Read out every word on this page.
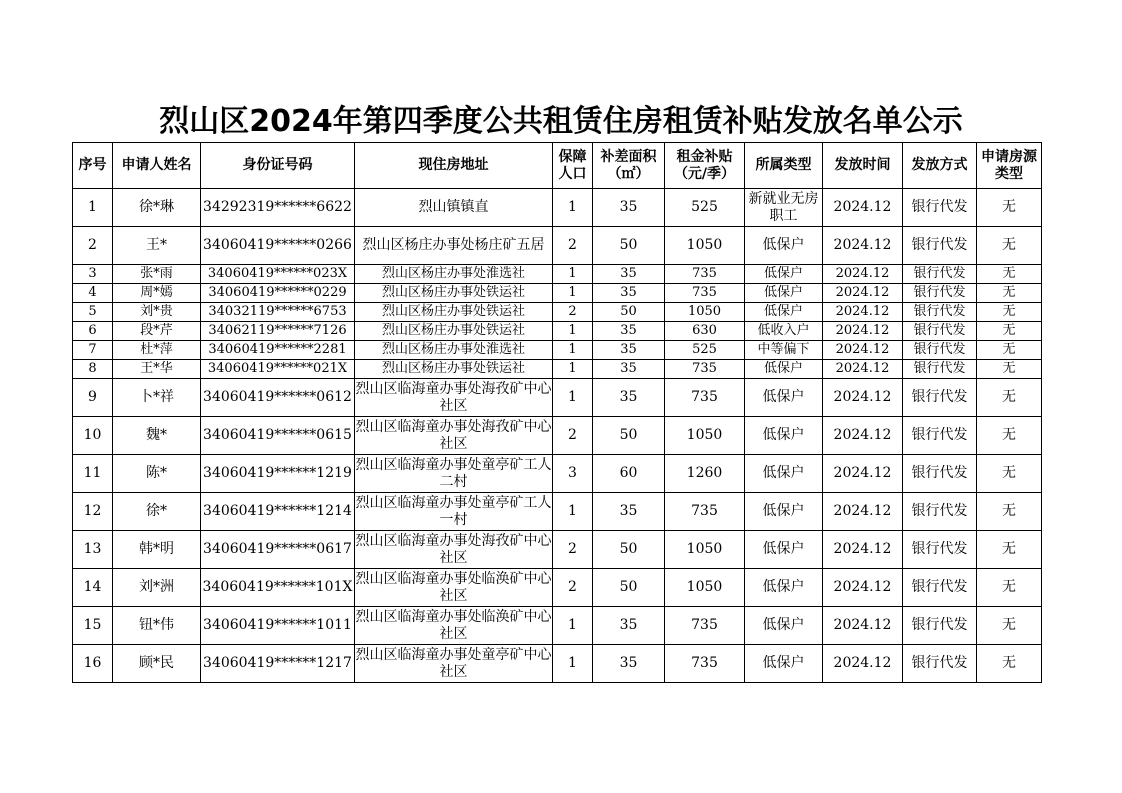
烈山区2024年第四季度公共租赁住房租赁补贴发放名单公示
序号	申请人姓名	身份证号码	现住房地址	保障人口	补差面积（㎡）	租金补贴（元/季）	所属类型	发放时间	发放方式	申请房源类型
1	徐*琳	34292319******6622	烈山镇镇直	1	35	525	新就业无房职工	2024.12	银行代发	无
2	王*	34060419******0266	烈山区杨庄办事处杨庄矿五居	2	50	1050	低保户	2024.12	银行代发	无
3	张*雨	34060419******023X	烈山区杨庄办事处淮选社	1	35	735	低保户	2024.12	银行代发	无
4	周*嫣	34060419******0229	烈山区杨庄办事处铁运社	1	35	735	低保户	2024.12	银行代发	无
5	刘*贵	34032119******6753	烈山区杨庄办事处铁运社	2	50	1050	低保户	2024.12	银行代发	无
6	段*芹	34062119******7126	烈山区杨庄办事处铁运社	1	35	630	低收入户	2024.12	银行代发	无
7	杜*萍	34060419******2281	烈山区杨庄办事处淮选社	1	35	525	中等偏下	2024.12	银行代发	无
8	王*华	34060419******021X	烈山区杨庄办事处铁运社	1	35	735	低保户	2024.12	银行代发	无
9	卜*祥	34060419******0612	烈山区临海童办事处海孜矿中心社区	1	35	735	低保户	2024.12	银行代发	无
10	魏*	34060419******0615	烈山区临海童办事处海孜矿中心社区	2	50	1050	低保户	2024.12	银行代发	无
11	陈*	34060419******1219	烈山区临海童办事处童亭矿工人二村	3	60	1260	低保户	2024.12	银行代发	无
12	徐*	34060419******1214	烈山区临海童办事处童亭矿工人一村	1	35	735	低保户	2024.12	银行代发	无
13	韩*明	34060419******0617	烈山区临海童办事处海孜矿中心社区	2	50	1050	低保户	2024.12	银行代发	无
14	刘*洲	34060419******101X	烈山区临海童办事处临涣矿中心社区	2	50	1050	低保户	2024.12	银行代发	无
15	钮*伟	34060419******1011	烈山区临海童办事处临涣矿中心社区	1	35	735	低保户	2024.12	银行代发	无
16	顾*民	34060419******1217	烈山区临海童办事处童亭矿中心社区	1	35	735	低保户	2024.12	银行代发	无
